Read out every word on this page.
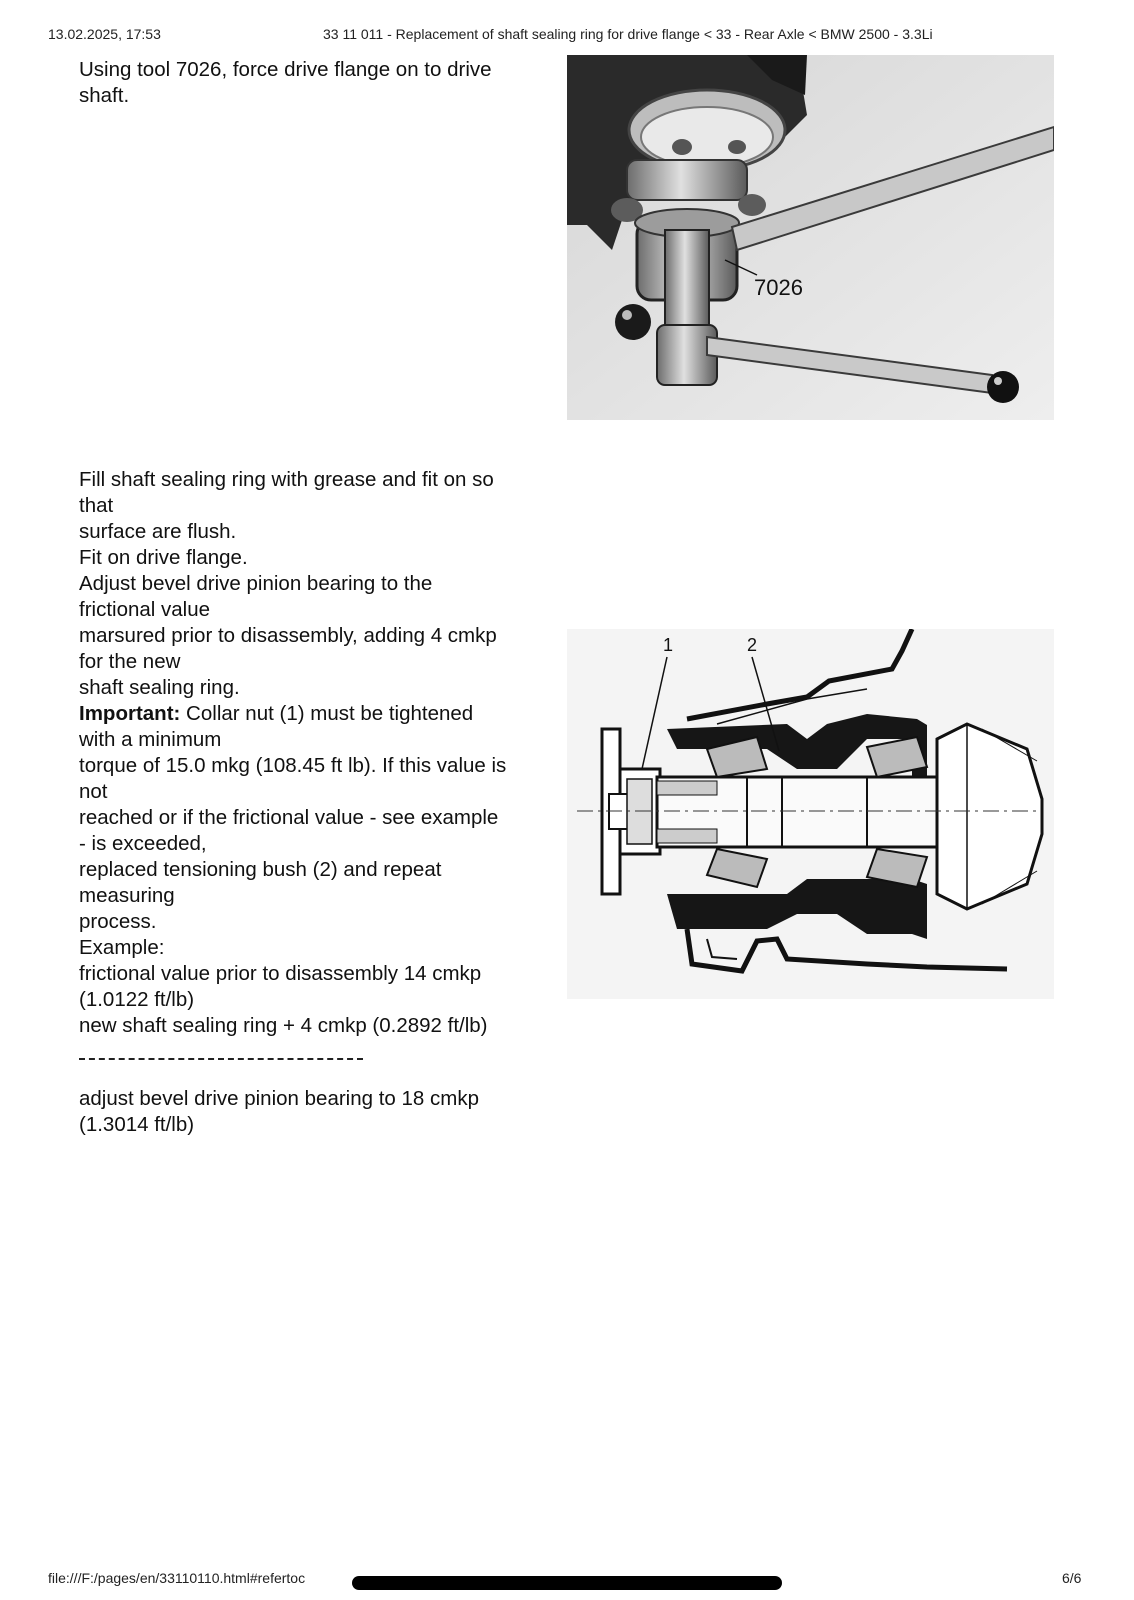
13.02.2025, 17:53	33 11 011 - Replacement of shaft sealing ring for drive flange < 33 - Rear Axle < BMW 2500 - 3.3Li
Using tool 7026, force drive flange on to drive
shaft.
7026
Fill shaft sealing ring with grease and fit on so
that
surface are flush.
Fit on drive flange.
Adjust bevel drive pinion bearing to the
frictional value
marsured prior to disassembly, adding 4 cmkp
for the new
shaft sealing ring.
Important: Collar nut (1) must be tightened
with a minimum
torque of 15.0 mkg (108.45 ft lb). If this value is
not
reached or if the frictional value - see example
- is exceeded,
replaced tensioning bush (2) and repeat
measuring
process.
Example:
frictional value prior to disassembly 14 cmkp
(1.0122 ft/lb)
new shaft sealing ring + 4 cmkp (0.2892 ft/lb)
adjust bevel drive pinion bearing to 18 cmkp
(1.3014 ft/lb)
1	2
file:///F:/pages/en/33110110.html#refertoc	6/6
